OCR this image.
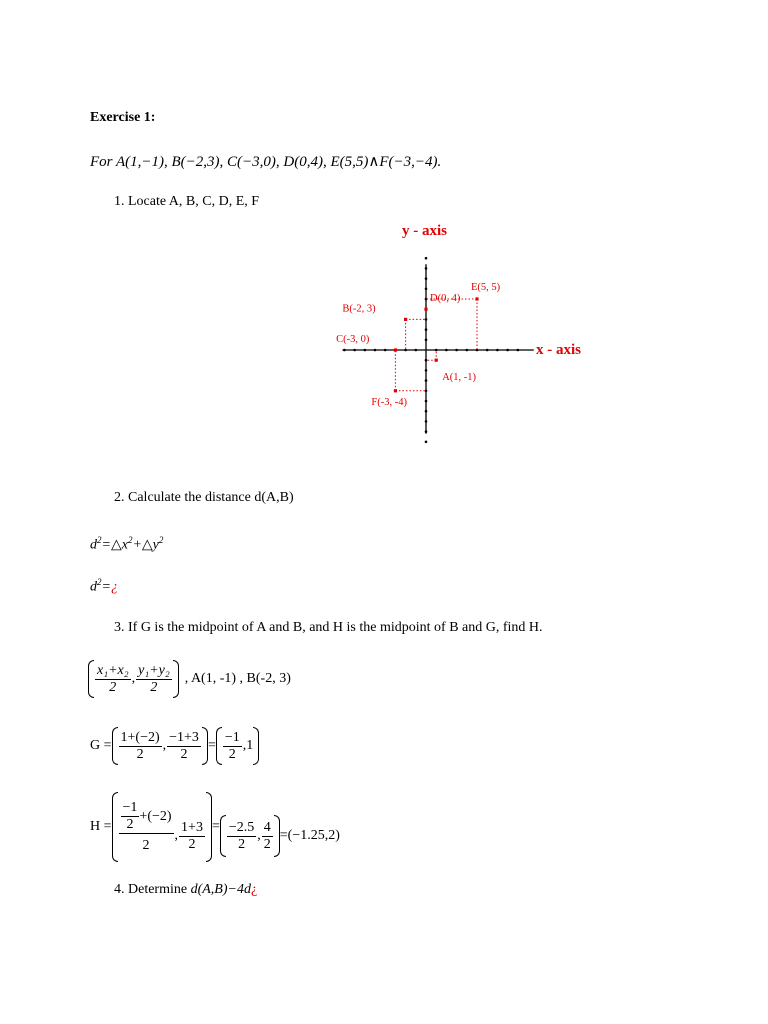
Exercise 1:
For A(1,−1), B(−2,3), C(−3,0), D(0,4), E(5,5)∧F(−3,−4).
1. Locate A, B, C, D, E, F
A(1, -1)
B(-2, 3)
C(-3, 0)
D(0, 4)
E(5, 5)
F(-3, -4)
y - axis
x - axis
2. Calculate the distance d(A,B)
$d^2=\triangle x^2+\triangle y^2$
$d^2=¿$
3. If G is the midpoint of A and B, and H is the midpoint of B and G, find H.
$\frac{\text{x₁+x₂}}{2}$ , $\frac{\text{y₁+y₂}}{2}$ , A(1, -1) , B(-2, 3)
$G = \frac{1+(-2)}{2}$ , $\frac{-1+3}{2} = \frac{-1}{2} ,1$
$H = \frac{\frac{-1}{2} +(-2)}{2}$ , $\frac{1+3}{2} = \frac{-2.5}{2}$ , $\frac{4}{2} =(-1.25,2)$
4. Determine d(A,B)−4d¿
